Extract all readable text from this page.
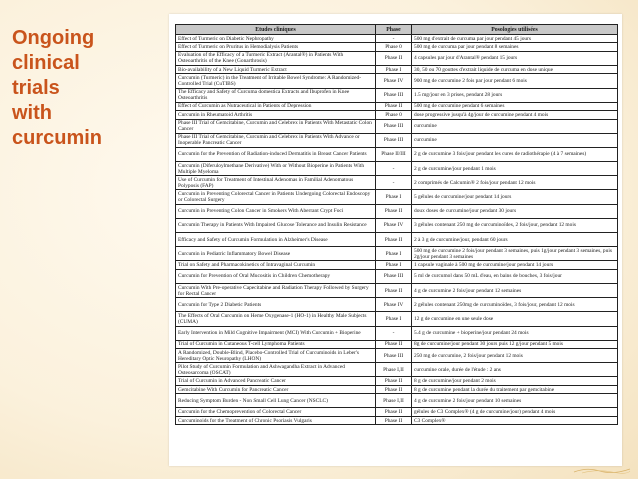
Ongoing
clinical
trials
with
curcumin
Etudes cliniques	Phase	Posologies utilisées
Effect of Turmeric on Diabetic Nephropathy	-	500 mg d'extrait de curcuma par jour pendant 45 jours
Effect of Turmeric on Pruritus in Hemodialysis Patients	Phase 0	500 mg de curcuma par jour pendant 8 semaines
Evaluation of the Efficacy of a Turmeric Extract (Arantal®) in Patients With Osteoarthritis of the Knee (Gonarthrosis)	Phase II	4 capsules par jour d'Arantal® pendant 15 jours
Bio-availability of a New Liquid Turmeric Extract	Phase I	30, 50 ou 70 gouttes d'extrait liquide de curcuma en dose unique
Curcumin (Turmeric) in the Treatment of Irritable Bowel Syndrome: A Randomized-Controlled Trial (CuTIBS)	Phase IV	900 mg de curcumine 2 fois par jour pendant 6 mois
The Efficacy and Safety of Curcuma domestica Extracts and Ibuprofen in Knee Osteoarthritis	Phase III	1.5 mg/jour en 3 prises, pendant 28 jours
Effect of Curcumin as Nutraceutical in Patients of Depression	Phase II	500 mg de curcumine pendant 6 semaines
Curcumin in Rheumatoid Arthritis	Phase 0	dose progressive jusqu'à 4g/jour de curcumine pendant 4 mois
Phase III Trial of Gemcitabine, Curcumin and Celebrex in Patients With Metastatic Colon Cancer	Phase III	curcumine
Phase III Trial of Gemcitabine, Curcumin and Celebrex in Patients With Advance or Inoperable Pancreatic Cancer	Phase III	curcumine
Curcumin for the Prevention of Radiation-induced Dermatitis in Breast Cancer Patients	Phase II/III	2 g de curcumine 3 fois/jour pendant les cures de radiothérapie (4 à 7 semaines)
Curcumin (Diferuloylmethane Derivative) With or Without Bioperine in Patients With Multiple Myeloma	-	2 g de curcumine/jour pendant 1 mois
Use of Curcumin for Treatment of Intestinal Adenomas in Familial Adenomatous Polyposis (FAP)	-	2 comprimés de Calcumin® 2 fois/jour pendant 12 mois
Curcumin in Preventing Colorectal Cancer in Patients Undergoing Colorectal Endoscopy or Colorectal Surgery	Phase I	5 gélules de curcumine/jour pendant 14 jours
Curcumin in Preventing Colon Cancer in Smokers With Aberrant Crypt Foci	Phase II	doux doses de curcumine/jour pendant 30 jours
Curcumin Therapy in Patients With Impaired Glucose Tolerance and Insulin Resistance	Phase IV	3 gélules contenant 250 mg de curcuminoïdes, 2 fois/jour, pendant 12 mois
Efficacy and Safety of Curcumin Formulation in Alzheimer's Disease	Phase II	2 à 3 g de curcumine/jour, pendant 60 jours
Curcumin in Pediatric Inflammatory Bowel Disease	Phase I	500 mg de curcumine 2 fois/jour pendant 3 semaines, puis 1g/jour pendant 3 semaines, puis 2g/jour pendant 3 semaines
Trial on Safety and Pharmacokinetics of Intravaginal Curcumin	Phase I	1 capsule vaginale à 500 mg de curcumine/jour pendant 14 jours
Curcumin for Prevention of Oral Mucositis in Children Chemotherapy	Phase III	5 ml de curcumol dans 50 mL d'eau, en bains de bouches, 3 fois/jour
Curcumin With Pre-operative Capecitabine and Radiation Therapy Followed by Surgery for Rectal Cancer	Phase II	4 g de curcumine 2 fois/jour pendant 12 semaines
Curcumin for Type 2 Diabetic Patients	Phase IV	2 gélules contenant 250mg de curcuminoïdes, 3 fois/jour, pendant 12 mois
The Effects of Oral Curcumin on Heme Oxygenase-1 (HO-1) in Healthy Male Subjects (CUMA)	Phase I	12 g de curcumine en une seule dose
Early Intervention in Mild Cognitive Impairment (MCI) With Curcumin + Bioperine	-	5.4 g de curcumine + bioperine/jour pendant 24 mois
Trial of Curcumin in Cutaneous T-cell Lymphoma Patients	Phase II	8g de curcumine/jour pendant 30 jours puis 12 g/jour pendant 5 mois
A Randomized, Double-Blind, Placebo-Controlled Trial of Curcuminoids in Leber's Hereditary Optic Neuropathy (LHON)	Phase III	250 mg de curcumine, 2 fois/jour pendant 12 mois
Pilot Study of Curcumin Formulation and Ashwagandha Extract in Advanced Osteosarcoma (OSCAT)	Phase I,II	curcumine orale, durée de l'étude : 2 ans
Trial of Curcumin in Advanced Pancreatic Cancer	Phase II	8 g de curcumine/jour pendant 2 mois
Gemcitabine With Curcumin for Pancreatic Cancer	Phase II	8 g de curcumine pendant la durée du traitement par gemcitabine
Reducing Symptom Burden - Non Small Cell Lung Cancer (NSCLC)	Phase I,II	4 g de curcumine 2 fois/jour pendant 10 semaines
Curcumin for the Chemoprevention of Colorectal Cancer	Phase II	gélules de C3 Complex® (4 g de curcumine/jour) pendant 4 mois
Curcuminoids for the Treatment of Chronic Psoriasis Vulgaris	Phase II	C3 Complex®
